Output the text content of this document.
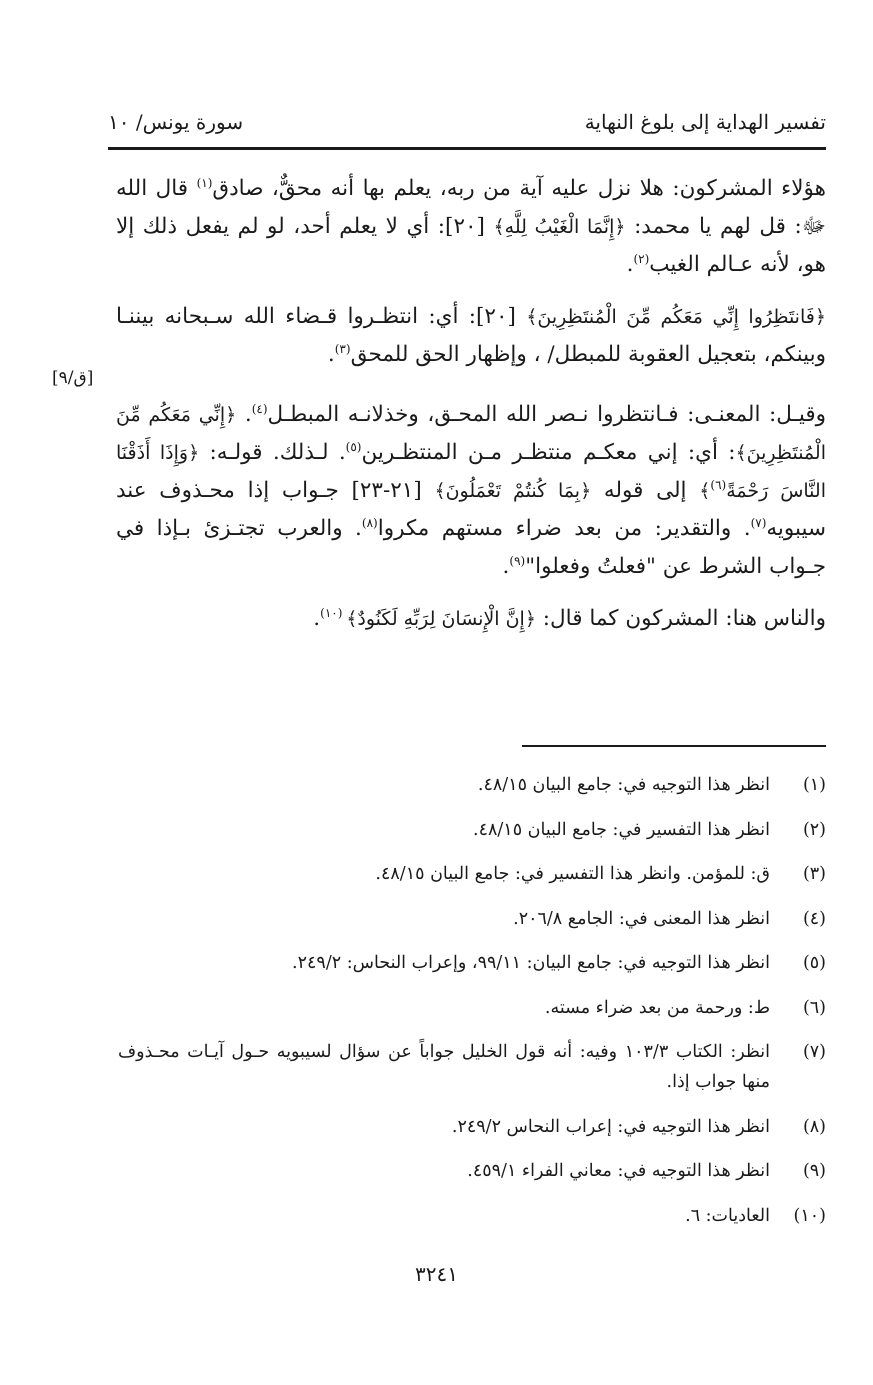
تفسير الهداية إلى بلوغ النهاية
سورة يونس/ ١٠
[ق/٩]

هؤلاء المشركون: هلا نزل عليه آية من ربه، يعلم بها أنه محقٌّ، صادق$^{(١)}$ قال الله ﷻ: قل لهم يا محمد: ﴿إِنَّمَا الْغَيْبُ لِلَّهِ﴾ [٢٠]: أي لا يعلم أحد، لو لم يفعل ذلك إلا هو، لأنه عـالم الغيب$^{(٢)}$.

﴿فَانتَظِرُوا إِنِّي مَعَكُم مِّنَ الْمُنتَظِرِينَ﴾ [٢٠]: أي: انتظـروا قـضاء الله سـبحانه بيننـا وبينكم، بتعجيل العقوبة للمبطل/ ، وإظهار الحق للمحق$^{(٣)}$.

وقيـل: المعنـى: فـانتظروا نـصر الله المحـق، وخذلانـه المبطـل$^{(٤)}$. ﴿إِنِّي مَعَكُم مِّنَ الْمُنتَظِرِينَ﴾: أي: إني معكـم منتظـر مـن المنتظـرين$^{(٥)}$. لـذلك. قولـه: ﴿وَإِذَا أَذَقْنَا النَّاسَ رَحْمَةً$^{(٦)}$﴾ إلى قوله ﴿بِمَا كُنتُمْ تَعْمَلُونَ﴾ [٢١-٢٣] جـواب إذا محـذوف عند سيبويه$^{(٧)}$. والتقدير: من بعد ضراء مستهم مكروا$^{(٨)}$. والعرب تجتـزئ بـإذا في جـواب الشرط عن "فعلتُ وفعلوا"$^{(٩)}$.

والناس هنا: المشركون كما قال: ﴿إِنَّ الْإِنسَانَ لِرَبِّهِ لَكَنُودٌ﴾ $^{(١٠)}$.

(١)
انظر هذا التوجيه في: جامع البيان ٤٨/١٥.
(٢)
انظر هذا التفسير في: جامع البيان ٤٨/١٥.
(٣)
ق: للمؤمن. وانظر هذا التفسير في: جامع البيان ٤٨/١٥.
(٤)
انظر هذا المعنى في: الجامع ٢٠٦/٨.
(٥)
انظر هذا التوجيه في: جامع البيان: ٩٩/١١، وإعراب النحاس: ٢٤٩/٢.
(٦)
ط: ورحمة من بعد ضراء مسته.
(٧)
انظر: الكتاب ١٠٣/٣ وفيه: أنه قول الخليل جواباً عن سؤال لسيبويه حـول آيـات محـذوف منها جواب إذا.
(٨)
انظر هذا التوجيه في: إعراب النحاس ٢٤٩/٢.
(٩)
انظر هذا التوجيه في: معاني الفراء ٤٥٩/١.
(١٠)
العاديات: ٦.
٣٢٤١
